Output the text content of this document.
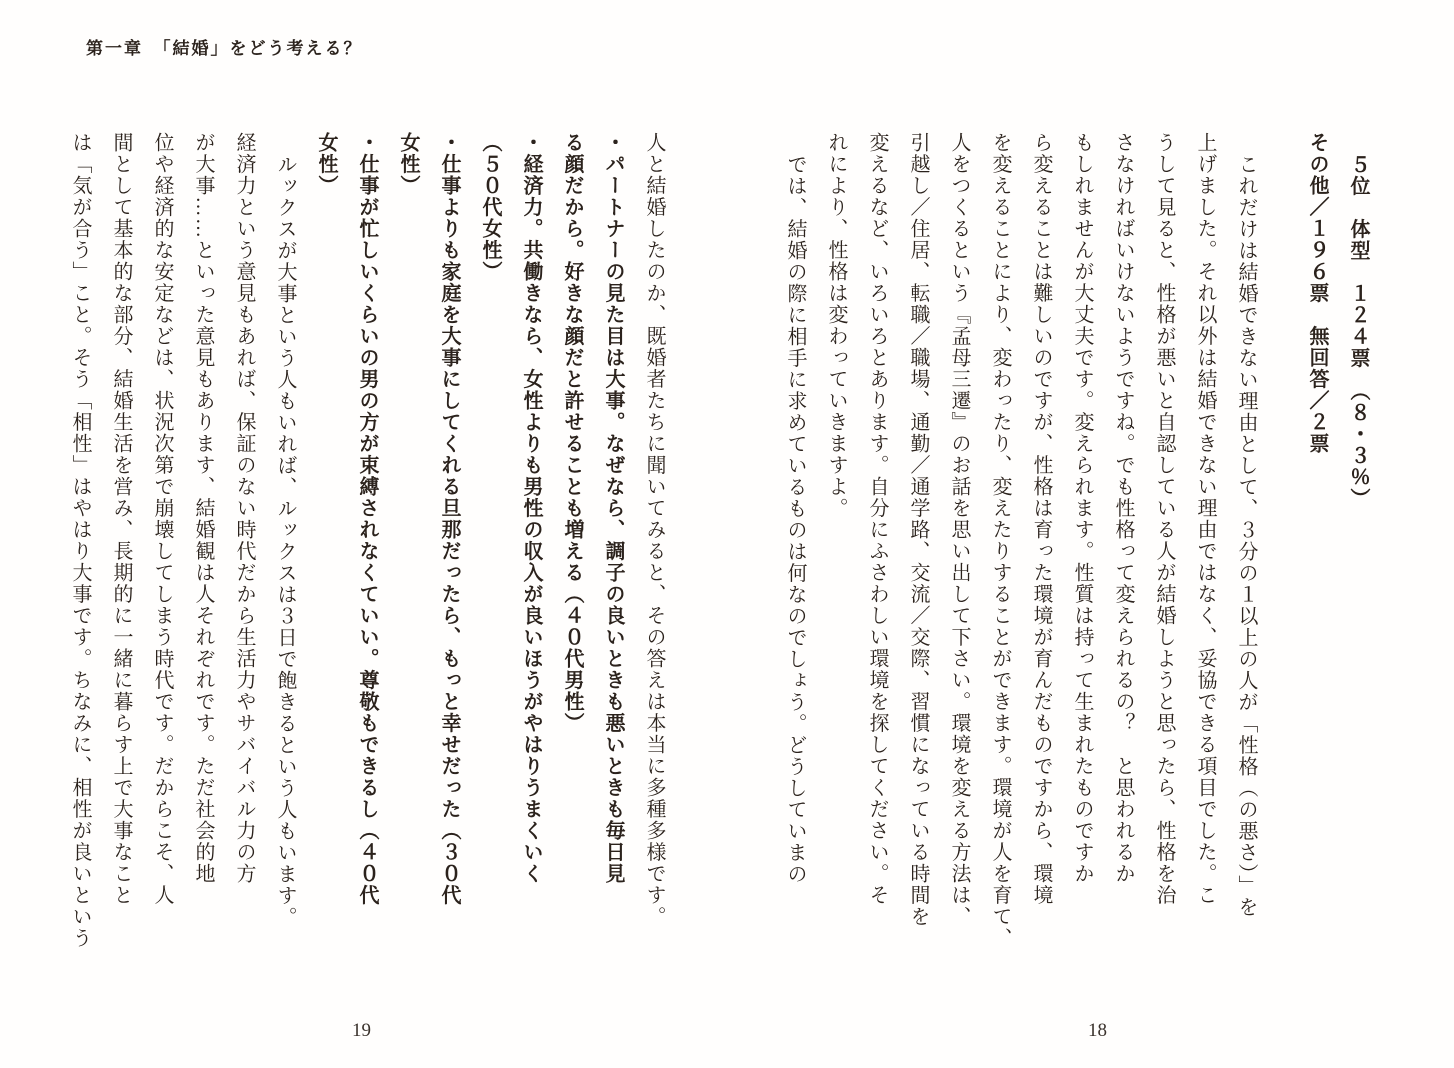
第一章　「結婚」をどう考える？
５位　体型　１２４票　（８・３％）
その他／１９６票　無回答／２票
これだけは結婚できない理由として、３分の１以上の人が「性格（の悪さ）」を
上げました。それ以外は結婚できない理由ではなく、妥協できる項目でした。こ
うして見ると、性格が悪いと自認している人が結婚しようと思ったら、性格を治
さなければいけないようですね。でも性格って変えられるの？　と思われるか
もしれませんが大丈夫です。変えられます。性質は持って生まれたものですか
ら変えることは難しいのですが、性格は育った環境が育んだものですから、環境
を変えることにより、変わったり、変えたりすることができます。環境が人を育て、
人をつくるという『孟母三遷』のお話を思い出して下さい。環境を変える方法は、
引越し／住居、転職／職場、通勤／通学路、交流／交際、習慣になっている時間を
変えるなど、いろいろとあります。自分にふさわしい環境を探してください。そ
れにより、性格は変わっていきますよ。
では、結婚の際に相手に求めているものは何なのでしょう。どうしていまの
人と結婚したのか、既婚者たちに聞いてみると、その答えは本当に多種多様です。
・パートナーの見た目は大事。なぜなら、調子の良いときも悪いときも毎日見
る顔だから。好きな顔だと許せることも増える（４０代男性）
・経済力。共働きなら、女性よりも男性の収入が良いほうがやはりうまくいく
（５０代女性）
・仕事よりも家庭を大事にしてくれる旦那だったら、もっと幸せだった（３０代
女性）
・仕事が忙しいくらいの男の方が束縛されなくていい。尊敬もできるし（４０代
女性）
ルックスが大事という人もいれば、ルックスは３日で飽きるという人もいます。
経済力という意見もあれば、保証のない時代だから生活力やサバイバル力の方
が大事……といった意見もあります、結婚観は人それぞれです。ただ社会的地
位や経済的な安定などは、状況次第で崩壊してしまう時代です。だからこそ、人
間として基本的な部分、結婚生活を営み、長期的に一緒に暮らす上で大事なこと
は「気が合う」こと。そう「相性」はやはり大事です。ちなみに、相性が良いという
19	18
